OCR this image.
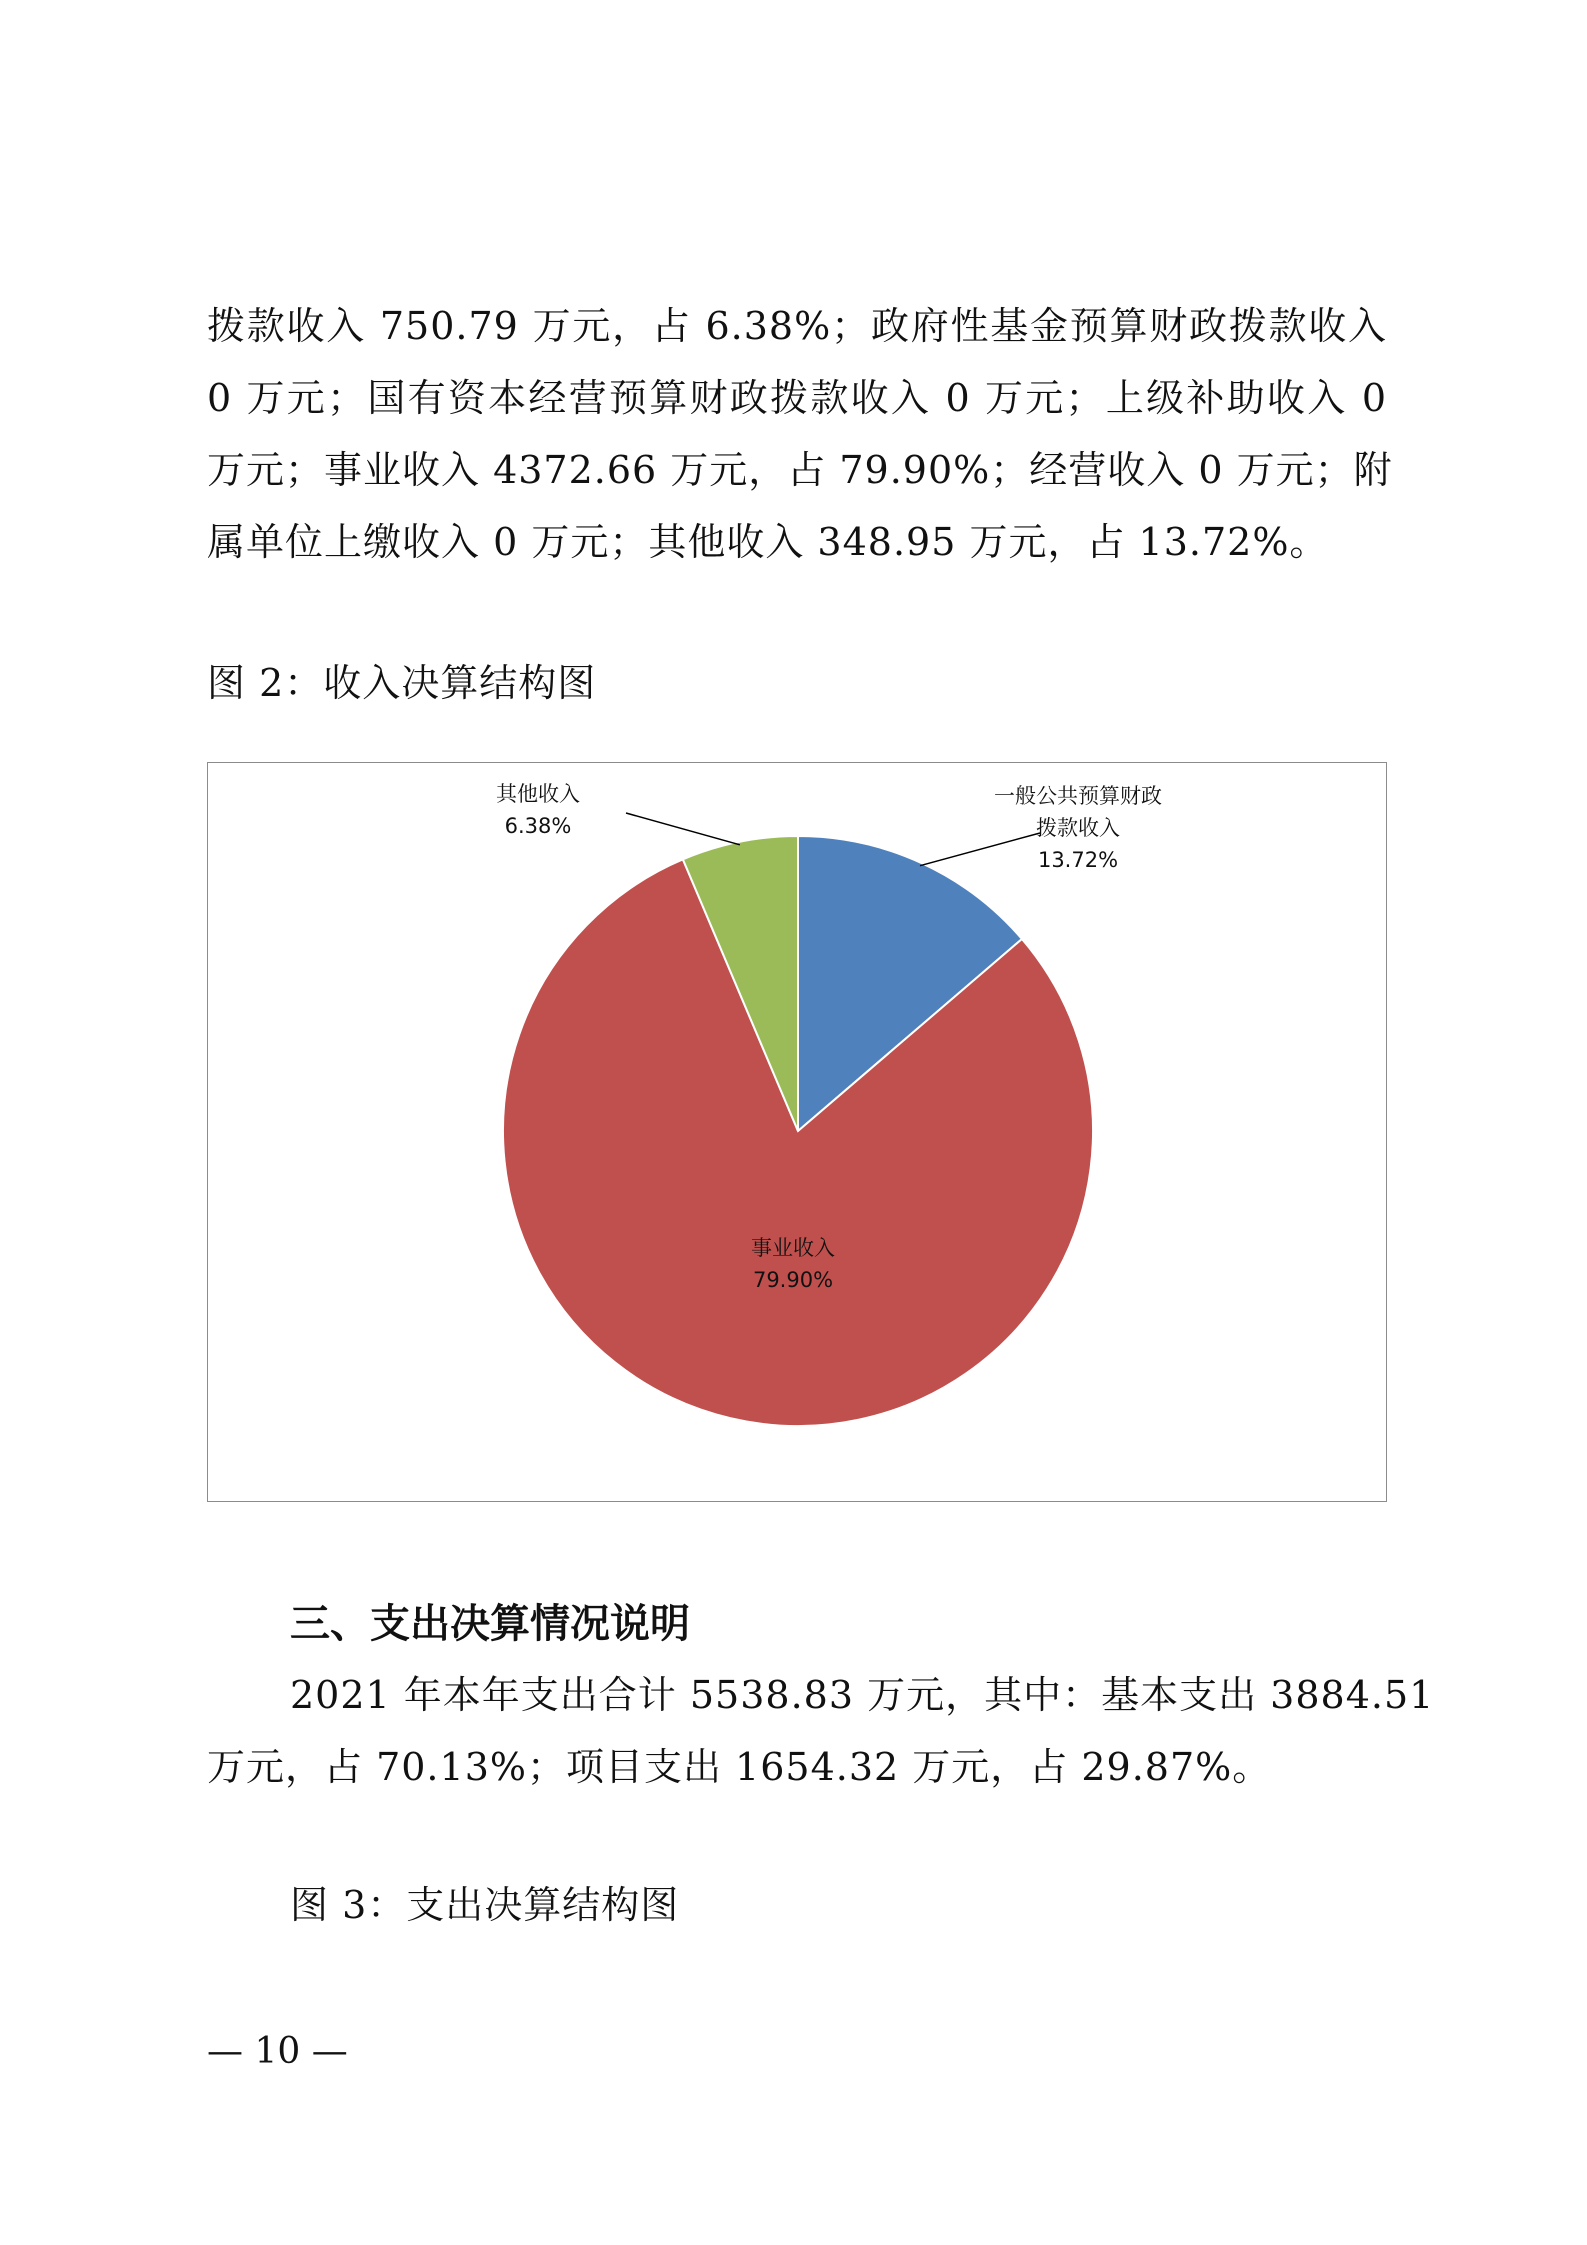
拨款收入 750.79 万元，占 6.38%；政府性基金预算财政拨款收入
0 万元；国有资本经营预算财政拨款收入 0 万元；上级补助收入 0
万元；事业收入 4372.66 万元，占 79.90%；经营收入 0 万元；附
属单位上缴收入 0 万元；其他收入 348.95 万元，占 13.72%。
图 2：收入决算结构图
一般公共预算财政
拨款收入
13.72%
事业收入
79.90%
其他收入
6.38%
三、支出决算情况说明
2021 年本年支出合计 5538.83 万元，其中：基本支出 3884.51
万元，占 70.13%；项目支出 1654.32 万元，占 29.87%。
图 3：支出决算结构图
— 10 —
